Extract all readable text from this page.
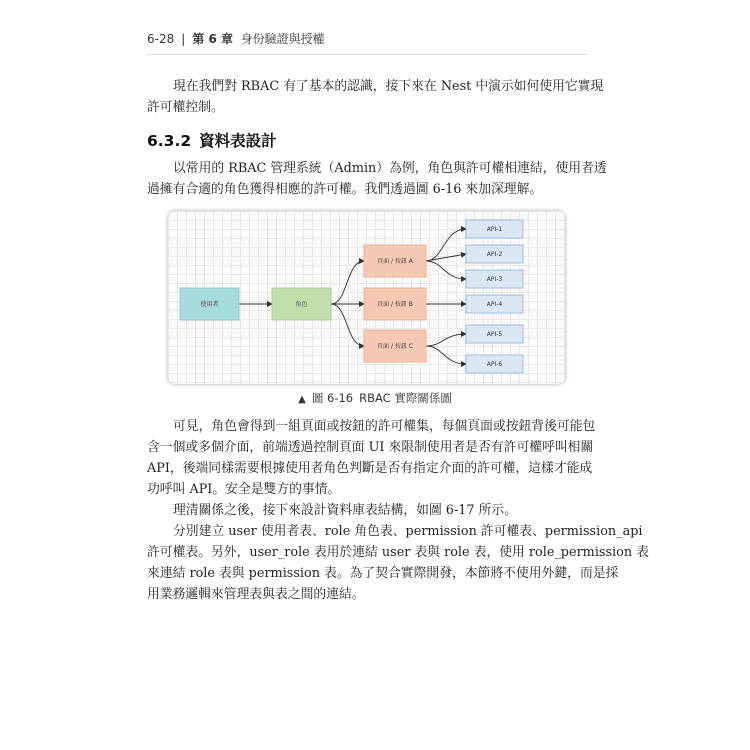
6-28 | 第 6 章 身份驗證與授權

現在我們對 RBAC 有了基本的認識，接下來在 Nest 中演示如何使用它實現
許可權控制。

6.3.2 資料表設計

以常用的 RBAC 管理系統（Admin）為例，角色與許可權相連結，使用者透
過擁有合適的角色獲得相應的許可權。我們透過圖 6-16 來加深理解。

使用者	角色
頁面 / 按鈕 A
頁面 / 按鈕 B
頁面 / 按鈕 C
API-1
API-2
API-3
API-4
API-5
API-6
▲ 圖 6-16 RBAC 實際關係圖

可見，角色會得到一組頁面或按鈕的許可權集，每個頁面或按鈕背後可能包
含一個或多個介面，前端透過控制頁面 UI 來限制使用者是否有許可權呼叫相關
API，後端同樣需要根據使用者角色判斷是否有指定介面的許可權，這樣才能成
功呼叫 API。安全是雙方的事情。

理清關係之後，接下來設計資料庫表結構，如圖 6-17 所示。

分別建立 user 使用者表、role 角色表、permission 許可權表、permission_api
許可權表。另外，user_role 表用於連結 user 表與 role 表，使用 role_permission 表
來連結 role 表與 permission 表。為了契合實際開發，本節將不使用外鍵，而是採
用業務邏輯來管理表與表之間的連結。
